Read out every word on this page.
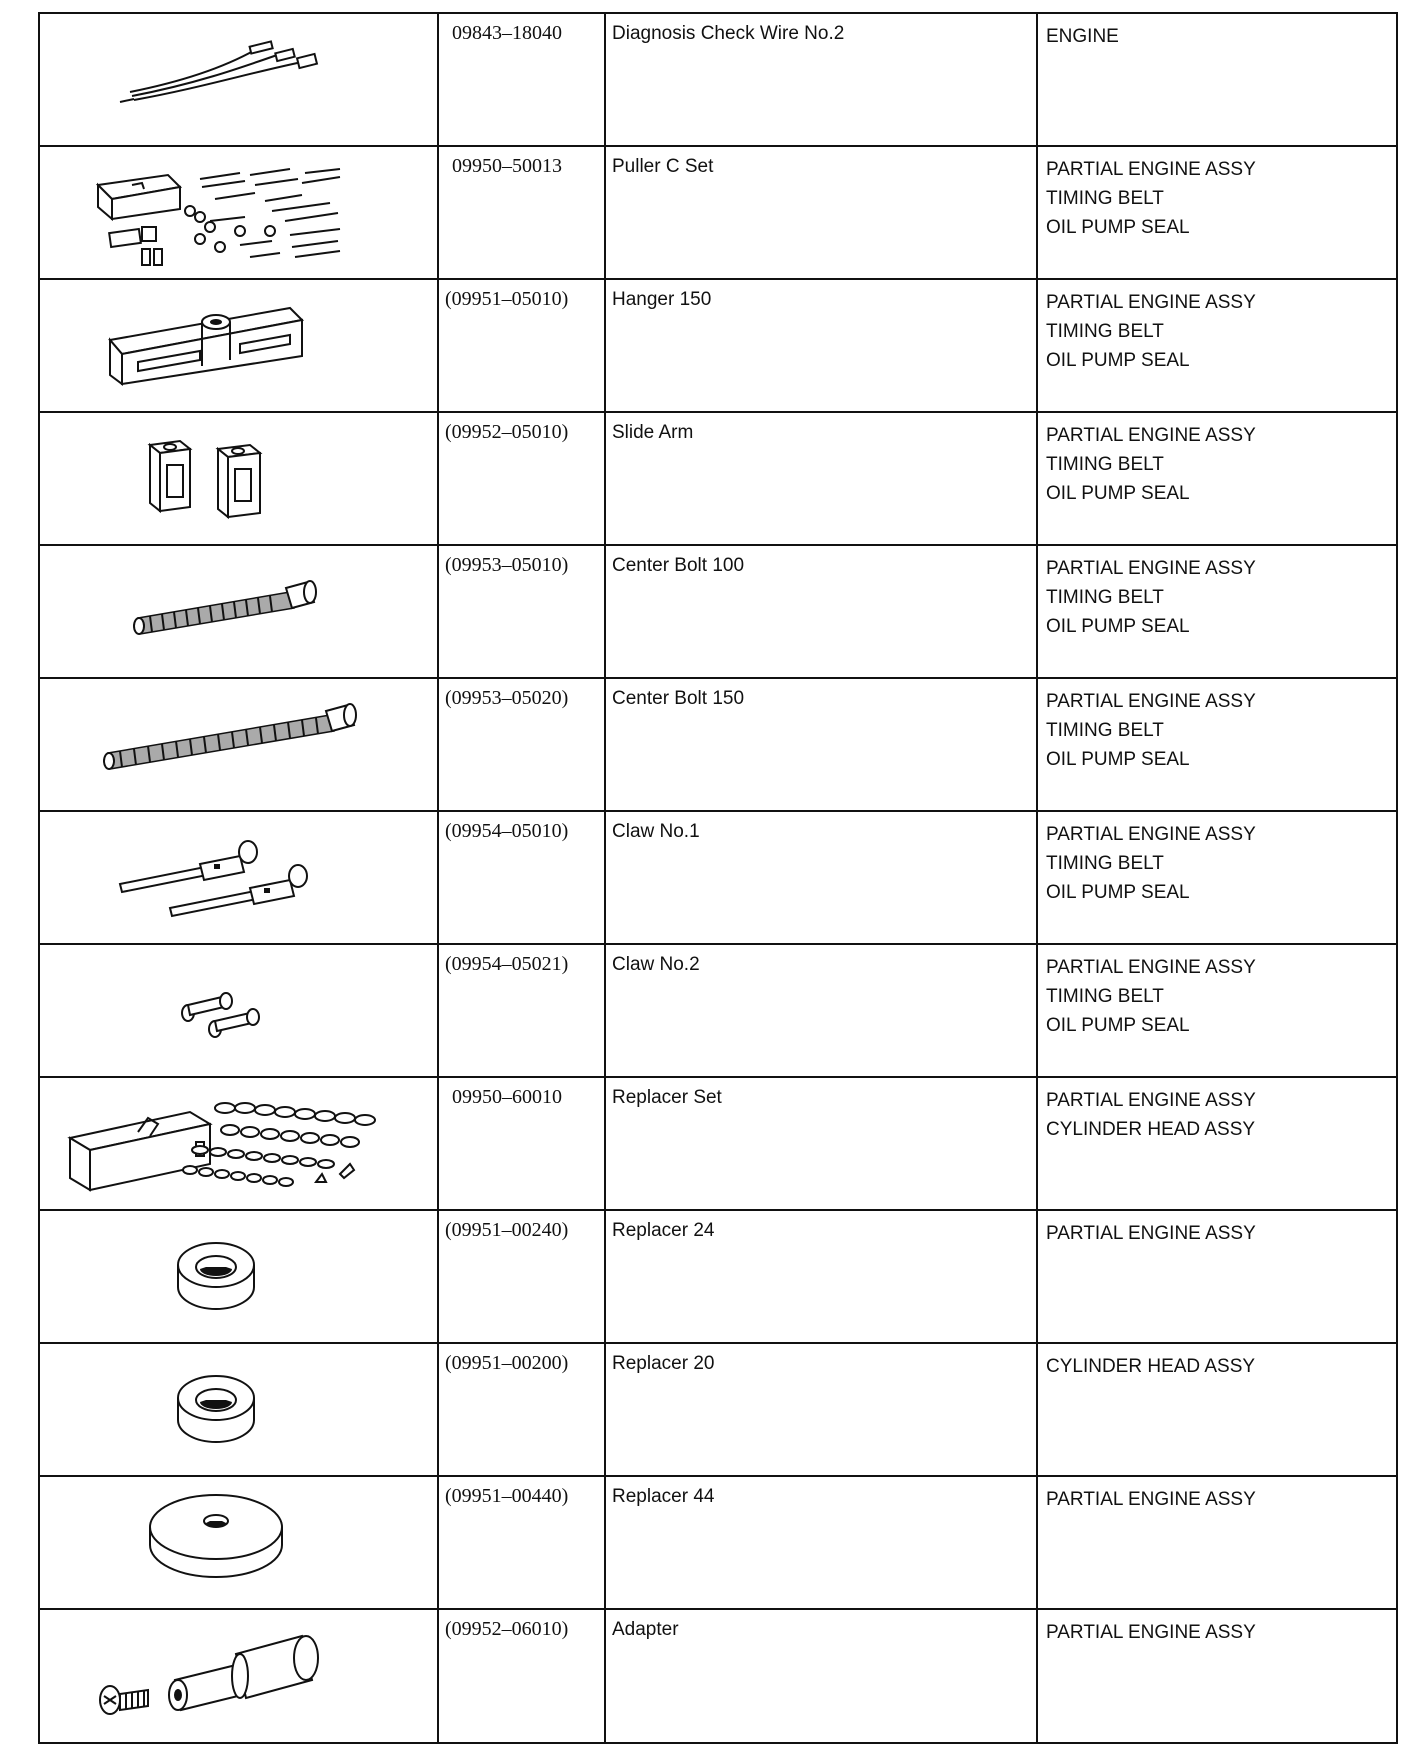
09843–18040	Diagnosis Check Wire No.2	ENGINE

09950–50013	Puller C Set	PARTIAL ENGINE ASSY
TIMING BELT
OIL PUMP SEAL

(09951–05010)	Hanger 150	PARTIAL ENGINE ASSY
TIMING BELT
OIL PUMP SEAL

(09952–05010)	Slide Arm	PARTIAL ENGINE ASSY
TIMING BELT
OIL PUMP SEAL

(09953–05010)	Center Bolt 100	PARTIAL ENGINE ASSY
TIMING BELT
OIL PUMP SEAL

(09953–05020)	Center Bolt 150	PARTIAL ENGINE ASSY
TIMING BELT
OIL PUMP SEAL

(09954–05010)	Claw No.1	PARTIAL ENGINE ASSY
TIMING BELT
OIL PUMP SEAL

(09954–05021)	Claw No.2	PARTIAL ENGINE ASSY
TIMING BELT
OIL PUMP SEAL

09950–60010	Replacer Set	PARTIAL ENGINE ASSY
CYLINDER HEAD ASSY

(09951–00240)	Replacer 24	PARTIAL ENGINE ASSY

(09951–00200)	Replacer 20	CYLINDER HEAD ASSY

(09951–00440)	Replacer 44	PARTIAL ENGINE ASSY

(09952–06010)	Adapter	PARTIAL ENGINE ASSY
